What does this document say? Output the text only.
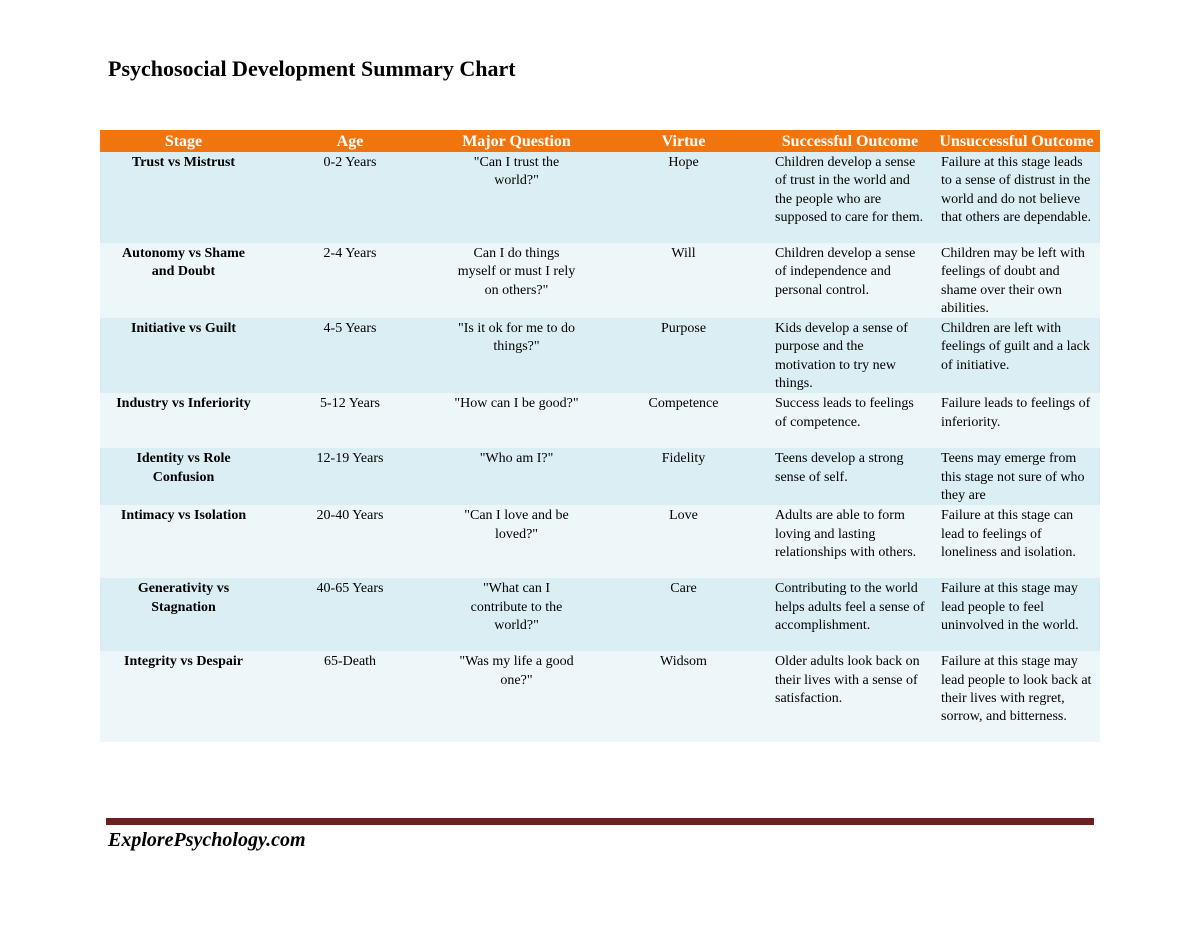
Psychosocial Development Summary Chart
Stage	Age	Major Question	Virtue	Successful Outcome	Unsuccessful Outcome
Trust vs Mistrust	0-2 Years	"Can I trust the world?"	Hope	Children develop a sense of trust in the world and the people who are supposed to care for them.	Failure at this stage leads to a sense of distrust in the world and do not believe that others are dependable.
Autonomy vs Shame and Doubt	2-4 Years	Can I do things myself or must I rely on others?"	Will	Children develop a sense of independence and personal control.	Children may be left with feelings of doubt and shame over their own abilities.
Initiative vs Guilt	4-5 Years	"Is it ok for me to do things?"	Purpose	Kids develop a sense of purpose and the motivation to try new things.	Children are left with feelings of guilt and a lack of initiative.
Industry vs Inferiority	5-12 Years	"How can I be good?"	Competence	Success leads to feelings of competence.	Failure leads to feelings of inferiority.
Identity vs Role Confusion	12-19 Years	"Who am I?"	Fidelity	Teens develop a strong sense of self.	Teens may emerge from this stage not sure of who they are
Intimacy vs Isolation	20-40 Years	"Can I love and be loved?"	Love	Adults are able to form loving and lasting relationships with others.	Failure at this stage can lead to feelings of loneliness and isolation.
Generativity vs Stagnation	40-65 Years	"What can I contribute to the world?"	Care	Contributing to the world helps adults feel a sense of accomplishment.	Failure at this stage may lead people to feel uninvolved in the world.
Integrity vs Despair	65-Death	"Was my life a good one?"	Widsom	Older adults look back on their lives with a sense of satisfaction.	Failure at this stage may lead people to look back at their lives with regret, sorrow, and bitterness.
ExplorePsychology.com
